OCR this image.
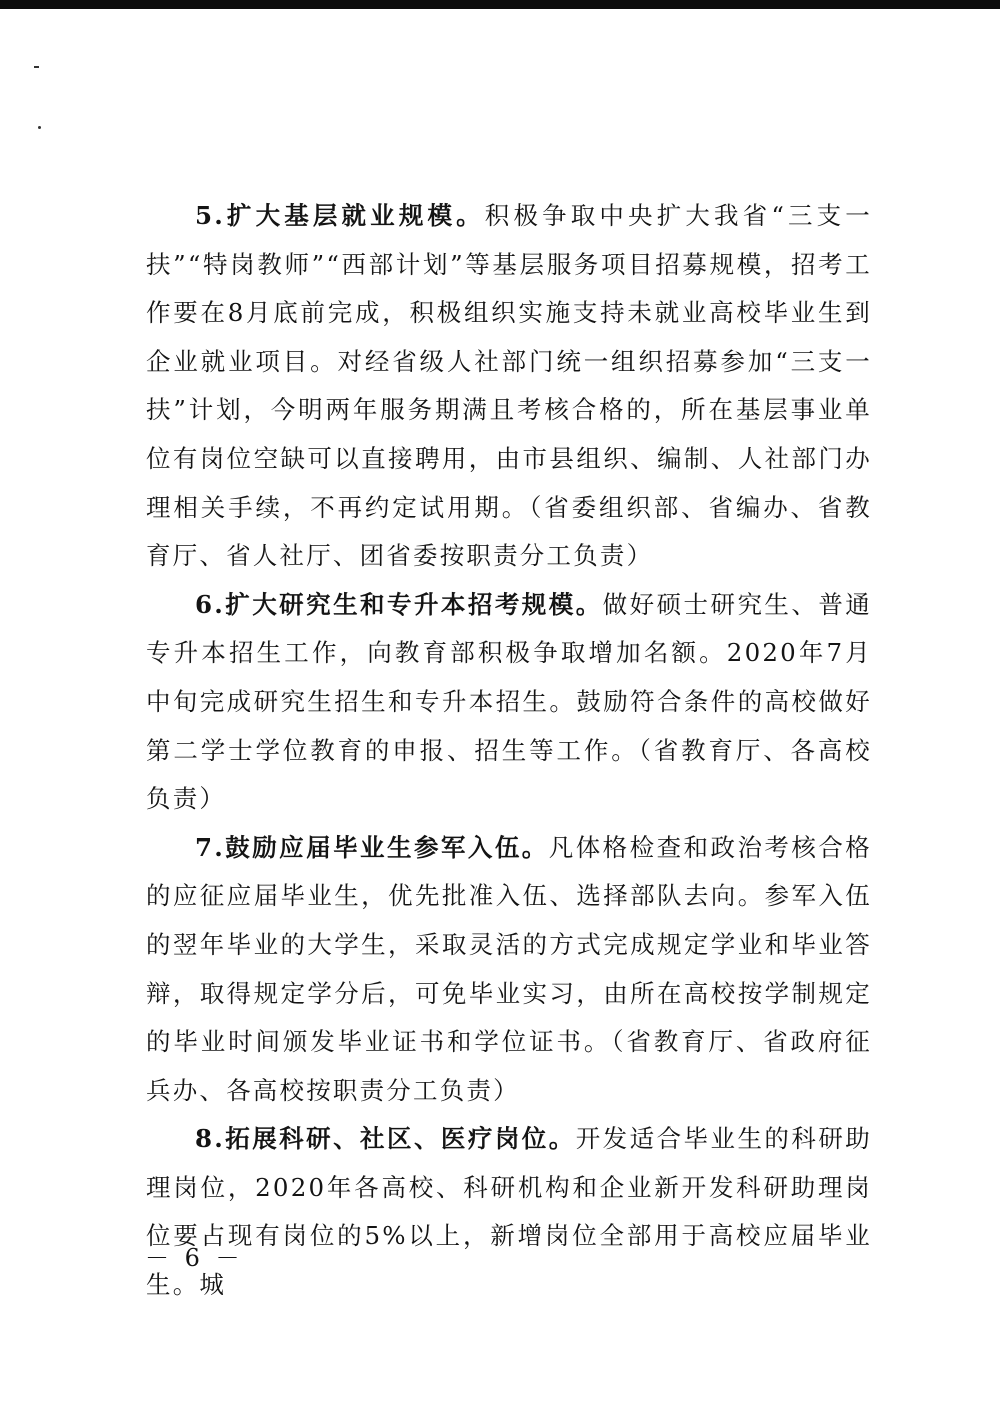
5.扩大基层就业规模。积极争取中央扩大我省“三支一扶”“特岗教师”“西部计划”等基层服务项目招募规模，招考工作要在8月底前完成，积极组织实施支持未就业高校毕业生到企业就业项目。对经省级人社部门统一组织招募参加“三支一扶”计划，今明两年服务期满且考核合格的，所在基层事业单位有岗位空缺可以直接聘用，由市县组织、编制、人社部门办理相关手续，不再约定试用期。（省委组织部、省编办、省教育厅、省人社厅、团省委按职责分工负责）

6.扩大研究生和专升本招考规模。做好硕士研究生、普通专升本招生工作，向教育部积极争取增加名额。2020年7月中旬完成研究生招生和专升本招生。鼓励符合条件的高校做好第二学士学位教育的申报、招生等工作。（省教育厅、各高校负责）

7.鼓励应届毕业生参军入伍。凡体格检查和政治考核合格的应征应届毕业生，优先批准入伍、选择部队去向。参军入伍的翌年毕业的大学生，采取灵活的方式完成规定学业和毕业答辩，取得规定学分后，可免毕业实习，由所在高校按学制规定的毕业时间颁发毕业证书和学位证书。（省教育厅、省政府征兵办、各高校按职责分工负责）

8.拓展科研、社区、医疗岗位。开发适合毕业生的科研助理岗位，2020年各高校、科研机构和企业新开发科研助理岗位要占现有岗位的5%以上，新增岗位全部用于高校应届毕业生。城

－ 6 －
